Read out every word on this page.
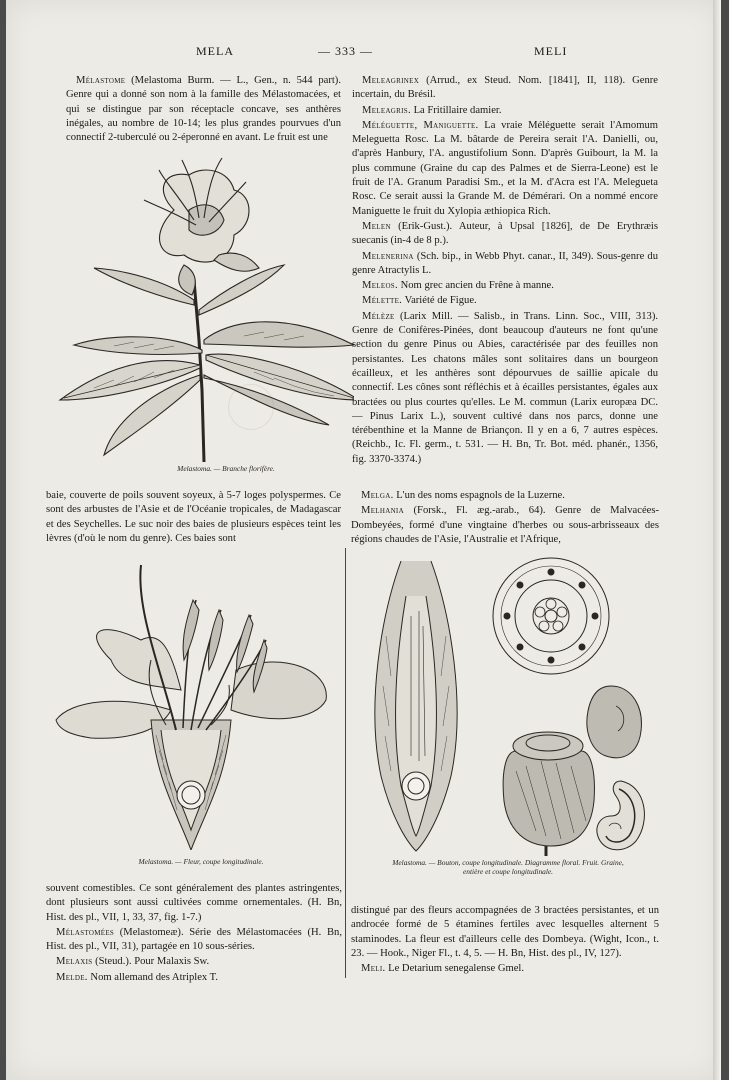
MELA	— 333 —	MELI

Mélastome (Melastoma Burm. — L., Gen., n. 544 part). Genre qui a donné son nom à la famille des Mélastomacées, et qui se distingue par son réceptacle concave, ses anthères inégales, au nombre de 10-14; les plus grandes pourvues d'un connectif 2-tuberculé ou 2-éperonné en avant. Le fruit est une

Melastoma. — Branche florifère.

Meleagrinex (Arrud., ex Steud. Nom. [1841], II, 118). Genre incertain, du Brésil.

Meleagris. La Fritillaire damier.

Méléguette, Maniguette. La vraie Méléguette serait l'Amomum Meleguetta Rosc. La M. bâtarde de Pereira serait l'A. Danielli, ou, d'après Hanbury, l'A. angustifolium Sonn. D'après Guibourt, la M. la plus commune (Graine du cap des Palmes et de Sierra-Leone) est le fruit de l'A. Granum Paradisi Sm., et la M. d'Acra est l'A. Melegueta Rosc. Ce serait aussi la Grande M. de Démérari. On a nommé encore Maniguette le fruit du Xylopia æthiopica Rich.

Melen (Erik-Gust.). Auteur, à Upsal [1826], de De Erythræis suecanis (in-4 de 8 p.).

Melenerina (Sch. bip., in Webb Phyt. canar., II, 349). Sous-genre du genre Atractylis L.

Meleos. Nom grec ancien du Frêne à manne.

Mélette. Variété de Figue.

Mélèze (Larix Mill. — Salisb., in Trans. Linn. Soc., VIII, 313). Genre de Conifères-Pinées, dont beaucoup d'auteurs ne font qu'une section du genre Pinus ou Abies, caractérisée par des feuilles non persistantes. Les chatons mâles sont solitaires dans un bourgeon écailleux, et les anthères sont dépourvues de saillie apicale du connectif. Les cônes sont réfléchis et à écailles persistantes, égales aux bractées ou plus courtes qu'elles. Le M. commun (Larix europæa DC. — Pinus Larix L.), souvent cultivé dans nos parcs, donne une térébenthine et la Manne de Briançon. Il y en a 6, 7 autres espèces. (Reichb., Ic. Fl. germ., t. 531. — H. Bn, Tr. Bot. méd. phanér., 1356, fig. 3370-3374.)

baie, couverte de poils souvent soyeux, à 5-7 loges polyspermes. Ce sont des arbustes de l'Asie et de l'Océanie tropicales, de Madagascar et des Seychelles. Le suc noir des baies de plusieurs espèces teint les lèvres (d'où le nom du genre). Ces baies sont

Melga. L'un des noms espagnols de la Luzerne.

Melhania (Forsk., Fl. æg.-arab., 64). Genre de Malvacées-Dombeyées, formé d'une vingtaine d'herbes ou sous-arbrisseaux des régions chaudes de l'Asie, l'Australie et l'Afrique,

Melastoma. — Fleur, coupe longitudinale.	Melastoma. — Bouton, coupe longitudinale. Diagramme floral. Fruit. Graine,
entière et coupe longitudinale.

souvent comestibles. Ce sont généralement des plantes astringentes, dont plusieurs sont aussi cultivées comme ornementales. (H. Bn, Hist. des pl., VII, 1, 33, 37, fig. 1-7.)

Mélastomées (Melastomeæ). Série des Mélastomacées (H. Bn, Hist. des pl., VII, 31), partagée en 10 sous-séries.

Melaxis (Steud.). Pour Malaxis Sw.

Melde. Nom allemand des Atriplex T.

distingué par des fleurs accompagnées de 3 bractées persistantes, et un androcée formé de 5 étamines fertiles avec lesquelles alternent 5 staminodes. La fleur est d'ailleurs celle des Dombeya. (Wight, Icon., t. 23. — Hook., Niger Fl., t. 4, 5. — H. Bn, Hist. des pl., IV, 127).

Meli. Le Detarium senegalense Gmel.
